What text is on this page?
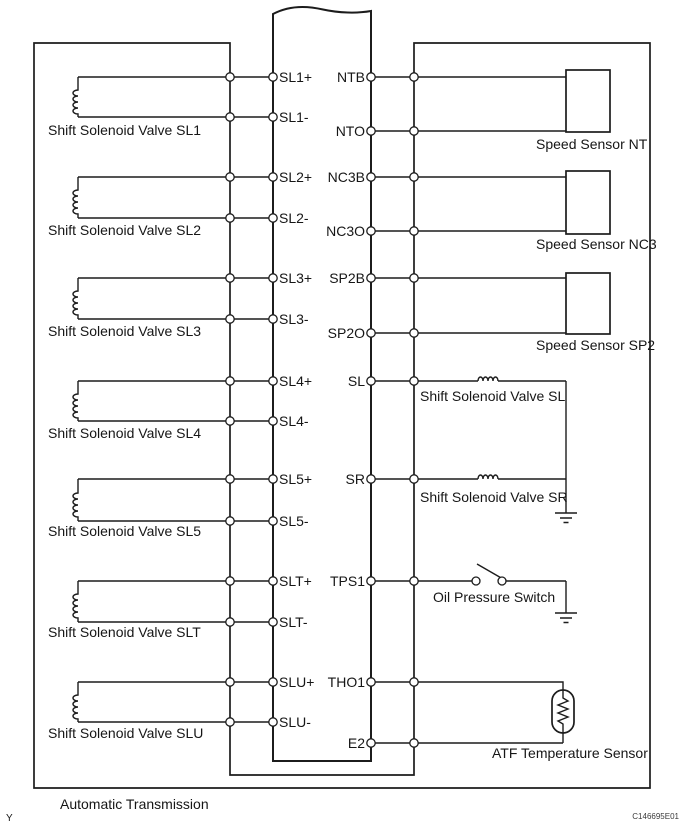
Shift Solenoid Valve SL1
Shift Solenoid Valve SL2
Shift Solenoid Valve SL3
Shift Solenoid Valve SL4
Shift Solenoid Valve SL5
Shift Solenoid Valve SLT
Shift Solenoid Valve SLU
Speed Sensor NT
Speed Sensor NC3
Speed Sensor SP2
Shift Solenoid Valve SL
Shift Solenoid Valve SR
Oil Pressure Switch
ATF Temperature Sensor
SL1+
SL1-
SL2+
SL2-
SL3+
SL3-
SL4+
SL4-
SL5+
SL5-
SLT+
SLT-
SLU+
SLU-
NTB
NTO
NC3B
NC3O
SP2B
SP2O
SL
SR
TPS1
THO1
E2
Automatic Transmission
Y	C146695E01
